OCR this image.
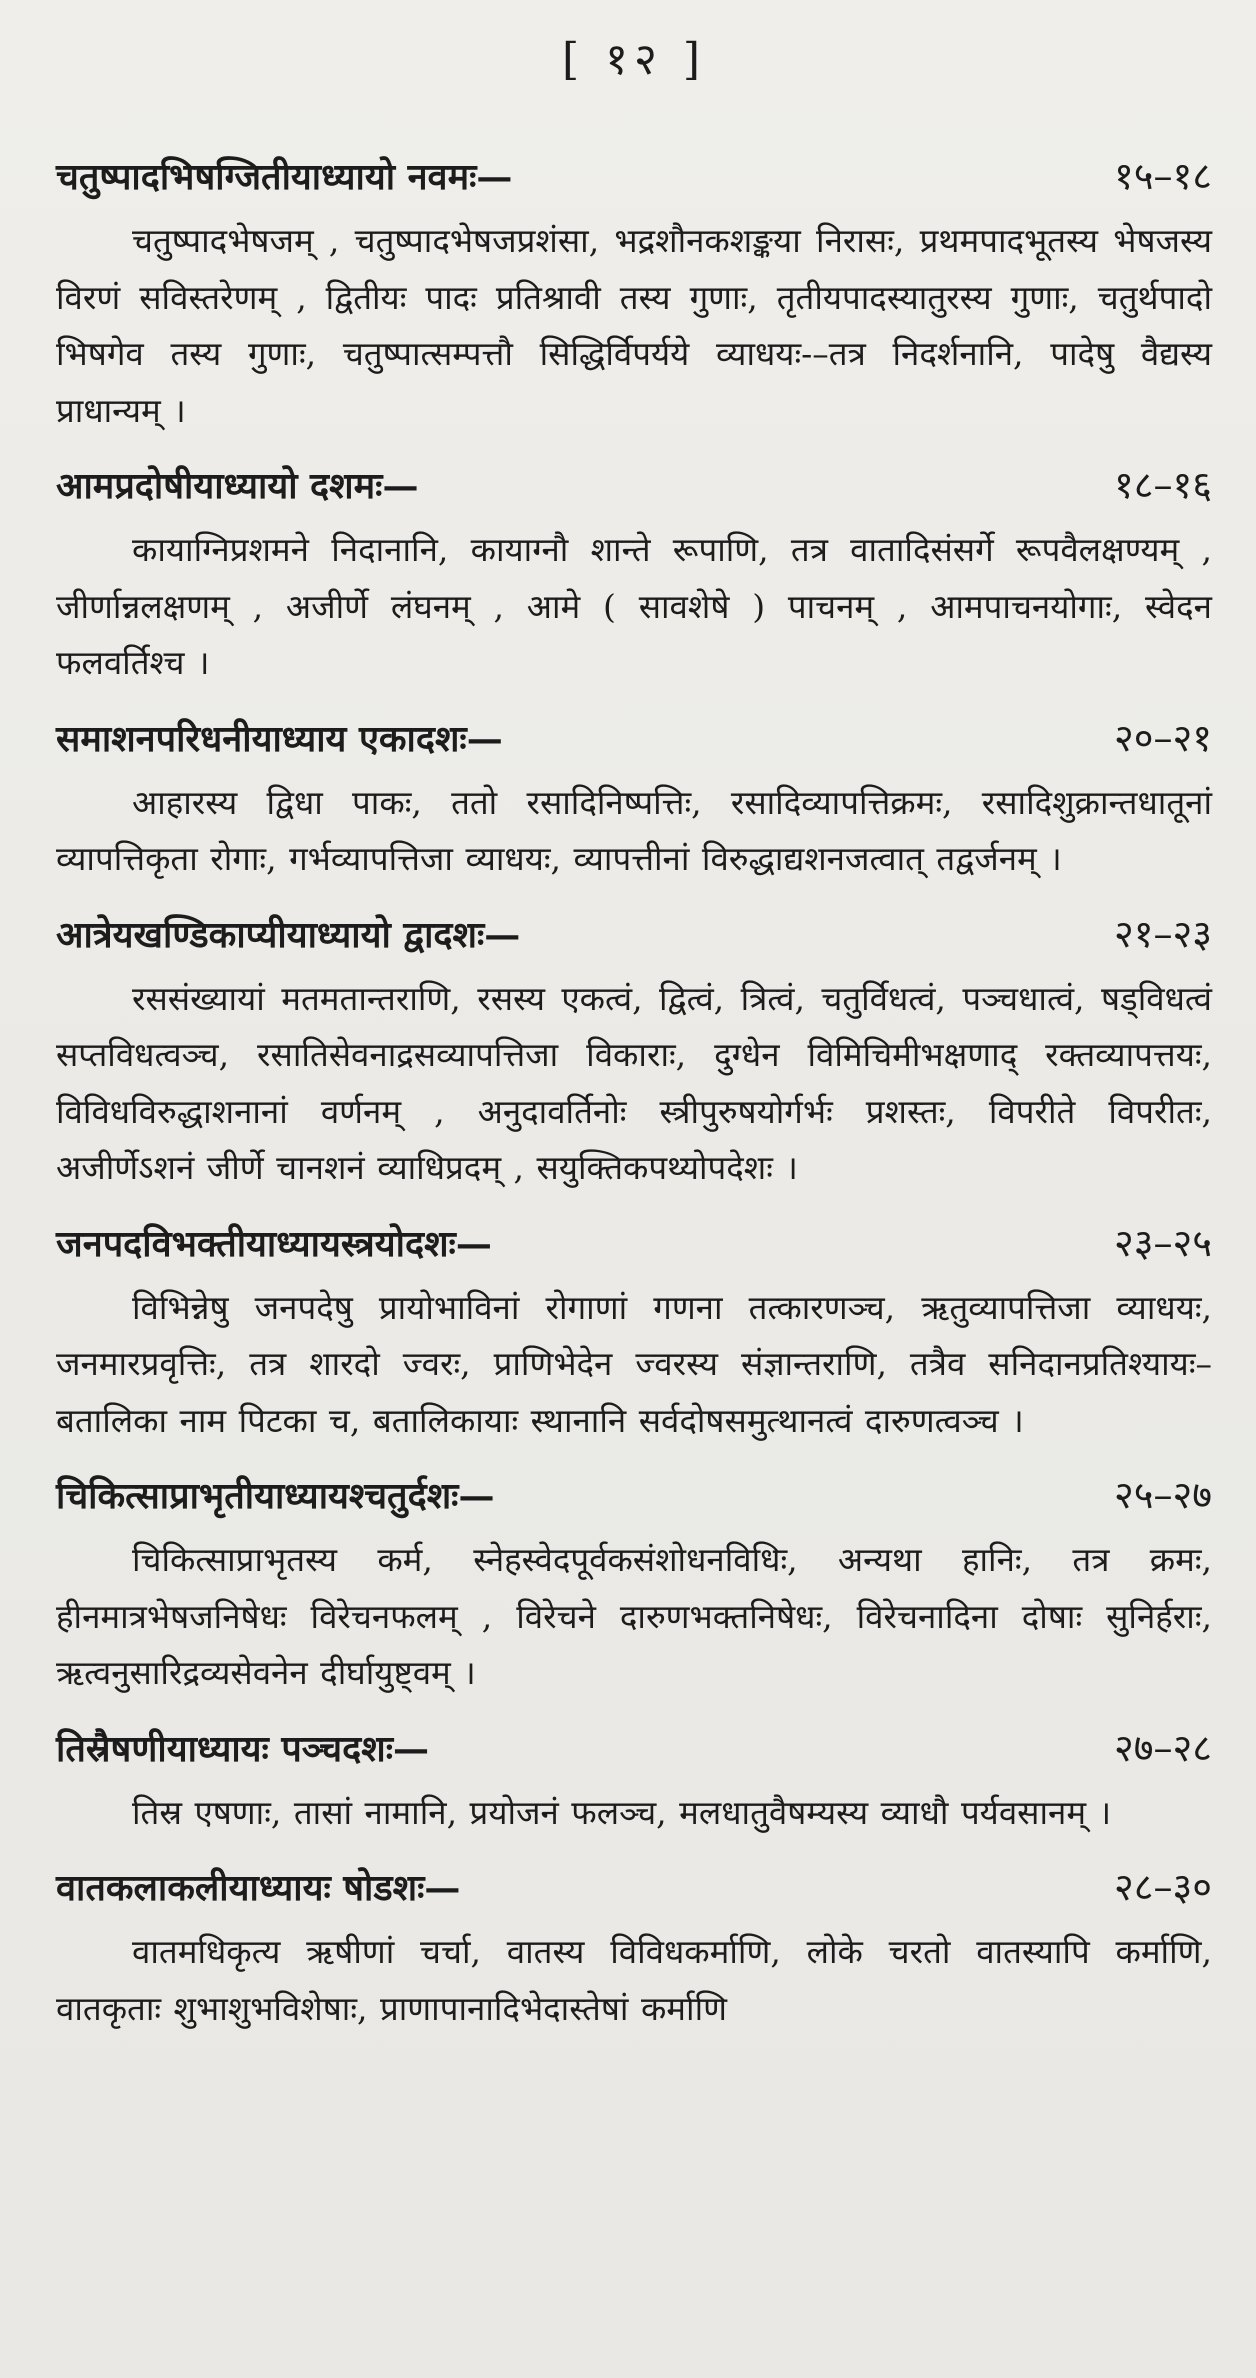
[ १२ ]
चतुष्पादभिषग्जितीयाध्यायो नवमः—	१५–१८
चतुष्पादभेषजम् , चतुष्पादभेषजप्रशंसा, भद्रशौनकशङ्कया निरासः, प्रथमपादभूतस्य भेषजस्य विरणं सविस्तरेणम् , द्वितीयः पादः प्रतिश्रावी तस्य गुणाः, तृतीयपादस्यातुरस्य गुणाः, चतुर्थपादो भिषगेव तस्य गुणाः, चतुष्पात्सम्पत्तौ सिद्धिर्विपर्यये व्याधयः-–तत्र निदर्शनानि, पादेषु वैद्यस्य प्राधान्यम् ।
आमप्रदोषीयाध्यायो दशमः—	१८–१६
कायाग्निप्रशमने निदानानि, कायाग्नौ शान्ते रूपाणि, तत्र वातादिसंसर्गे रूपवैलक्षण्यम् , जीर्णान्नलक्षणम् , अजीर्णे लंघनम् , आमे ( सावशेषे ) पाचनम् , आमपाचनयोगाः, स्वेदन फलवर्तिश्च ।
समाशनपरिधनीयाध्याय एकादशः—	२०–२१
आहारस्य द्विधा पाकः, ततो रसादिनिष्पत्तिः, रसादिव्यापत्तिक्रमः, रसादिशुक्रान्तधातूनां व्यापत्तिकृता रोगाः, गर्भव्यापत्तिजा व्याधयः, व्यापत्तीनां विरुद्धाद्यशनजत्वात् तद्वर्जनम् ।
आत्रेयखण्डिकाप्यीयाध्यायो द्वादशः—	२१–२३
रससंख्यायां मतमतान्तराणि, रसस्य एकत्वं, द्वित्वं, त्रित्वं, चतुर्विधत्वं, पञ्चधात्वं, षड्विधत्वं सप्तविधत्वञ्च, रसातिसेवनाद्रसव्यापत्तिजा विकाराः, दुग्धेन विमिचिमीभक्षणाद् रक्तव्यापत्तयः, विविधविरुद्धाशनानां वर्णनम् , अनुदावर्तिनोः स्त्रीपुरुषयोर्गर्भः प्रशस्तः, विपरीते विपरीतः, अजीर्णेऽशनं जीर्णे चानशनं व्याधिप्रदम् , सयुक्तिकपथ्योपदेशः ।
जनपदविभक्तीयाध्यायस्त्रयोदशः—	२३–२५
विभिन्नेषु जनपदेषु प्रायोभाविनां रोगाणां गणना तत्कारणञ्च, ऋतुव्यापत्तिजा व्याधयः, जनमारप्रवृत्तिः, तत्र शारदो ज्वरः, प्राणिभेदेन ज्वरस्य संज्ञान्तराणि, तत्रैव सनिदानप्रतिश्यायः–बतालिका नाम पिटका च, बतालिकायाः स्थानानि सर्वदोषसमुत्थानत्वं दारुणत्वञ्च ।
चिकित्साप्राभृतीयाध्यायश्चतुर्दशः—	२५–२७
चिकित्साप्राभृतस्य कर्म, स्नेहस्वेदपूर्वकसंशोधनविधिः, अन्यथा हानिः, तत्र क्रमः, हीनमात्रभेषजनिषेधः विरेचनफलम् , विरेचने दारुणभक्तनिषेधः, विरेचनादिना दोषाः सुनिर्हराः, ऋत्वनुसारिद्रव्यसेवनेन दीर्घायुष्ट्वम् ।
तिस्रैषणीयाध्यायः पञ्चदशः—	२७–२८
तिस्र एषणाः, तासां नामानि, प्रयोजनं फलञ्च, मलधातुवैषम्यस्य व्याधौ पर्यवसानम् ।
वातकलाकलीयाध्यायः षोडशः—	२८–३०
वातमधिकृत्य ऋषीणां चर्चा, वातस्य विविधकर्माणि, लोके चरतो वातस्यापि कर्माणि, वातकृताः शुभाशुभविशेषाः, प्राणापानादिभेदास्तेषां कर्माणि
